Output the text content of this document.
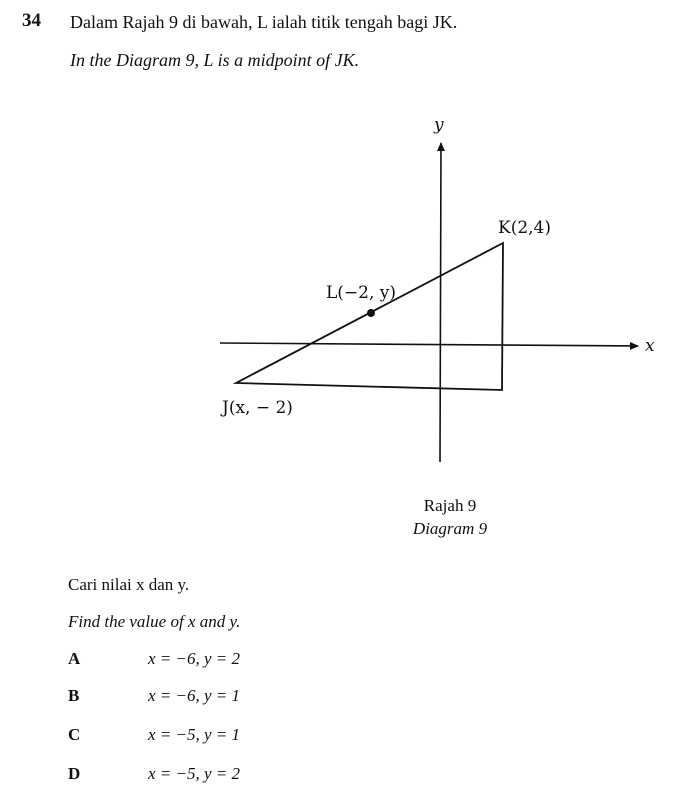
34 Dalam Rajah 9 di bawah, L ialah titik tengah bagi JK.
In the Diagram 9, L is a midpoint of JK.
y
x
K(2,4)
L(−2, y)
J(x, − 2)
Rajah 9
Diagram 9
Cari nilai x dan y.
Find the value of x and y.
A	x = −6, y = 2
B	x = −6, y = 1
C	x = −5, y = 1
D	x = −5, y = 2
